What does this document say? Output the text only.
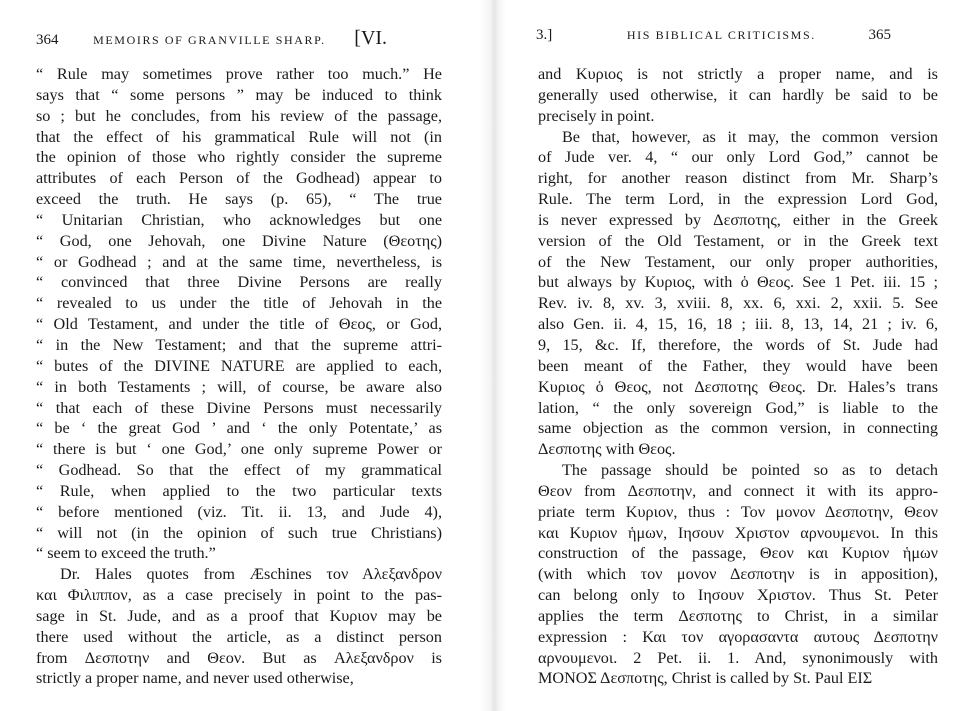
364	MEMOIRS OF GRANVILLE SHARP. [VI.
“ Rule may sometimes prove rather too much.” He
says that “ some persons ” may be induced to think
so ; but he concludes, from his review of the passage,
that the effect of his grammatical Rule will not (in
the opinion of those who rightly consider the supreme
attributes of each Person of the Godhead) appear to
exceed the truth. He says (p. 65), “ The true
“ Unitarian Christian, who acknowledges but one
“ God, one Jehovah, one Divine Nature (Θεοτης)
“ or Godhead ; and at the same time, nevertheless, is
“ convinced that three Divine Persons are really
“ revealed to us under the title of Jehovah in the
“ Old Testament, and under the title of Θεος, or God,
“ in the New Testament; and that the supreme attri-
“ butes of the DIVINE NATURE are applied to each,
“ in both Testaments ; will, of course, be aware also
“ that each of these Divine Persons must necessarily
“ be ‘ the great God ’ and ‘ the only Potentate,’ as
“ there is but ‘ one God,’ one only supreme Power or
“ Godhead. So that the effect of my grammatical
“ Rule, when applied to the two particular texts
“ before mentioned (viz. Tit. ii. 13, and Jude 4),
“ will not (in the opinion of such true Christians)
“ seem to exceed the truth.”
Dr. Hales quotes from Æschines τον Αλεξανδρον
και Φιλιππον, as a case precisely in point to the pas-
sage in St. Jude, and as a proof that Κυριον may be
there used without the article, as a distinct person
from Δεσποτην and Θεον. But as Αλεξανδρον is
strictly a proper name, and never used otherwise,
3.]	HIS BIBLICAL CRITICISMS.	365
and Κυριος is not strictly a proper name, and is
generally used otherwise, it can hardly be said to be
precisely in point.
Be that, however, as it may, the common version
of Jude ver. 4, “ our only Lord God,” cannot be
right, for another reason distinct from Mr. Sharp’s
Rule. The term Lord, in the expression Lord God,
is never expressed by Δεσποτης, either in the Greek
version of the Old Testament, or in the Greek text
of the New Testament, our only proper authorities,
but always by Κυριος, with ὁ Θεος. See 1 Pet. iii. 15 ;
Rev. iv. 8, xv. 3, xviii. 8, xx. 6, xxi. 2, xxii. 5. See
also Gen. ii. 4, 15, 16, 18 ; iii. 8, 13, 14, 21 ; iv. 6,
9, 15, &c. If, therefore, the words of St. Jude had
been meant of the Father, they would have been
Κυριος ὁ Θεος, not Δεσποτης Θεος. Dr. Hales’s trans
lation, “ the only sovereign God,” is liable to the
same objection as the common version, in connecting
Δεσποτης with Θεος.
The passage should be pointed so as to detach
Θεον from Δεσποτην, and connect it with its appro-
priate term Κυριον, thus : Τον μονον Δεσποτην, Θεον
και Κυριον ἡμων, Ιησουν Χριστον αρνουμενοι. In this
construction of the passage, Θεον και Κυριον ἡμων
(with which τον μονον Δεσποτην is in apposition),
can belong only to Ιησουν Χριστον. Thus St. Peter
applies the term Δεσποτης to Christ, in a similar
expression : Και τον αγορασαντα αυτους Δεσποτην
αρνουμενοι. 2 Pet. ii. 1. And, synonimously with
ΜΟΝΟΣ Δεσποτης, Christ is called by St. Paul ΕΙΣ
